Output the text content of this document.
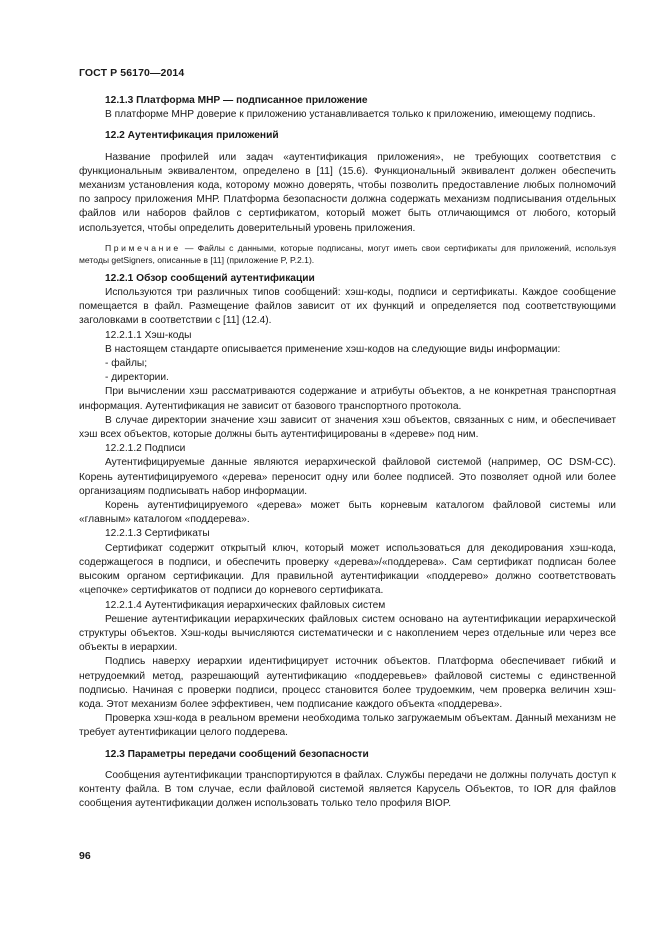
ГОСТ Р 56170—2014
12.1.3 Платформа МНР — подписанное приложение

В платформе МНР доверие к приложению устанавливается только к приложению, имеющему подпись.

12.2 Аутентификация приложений

Название профилей или задач «аутентификация приложения», не требующих соответствия с функциональным эквивалентом, определено в [11] (15.6). Функциональный эквивалент должен обеспечить механизм установления кода, которому можно доверять, чтобы позволить предоставление любых полномочий по запросу приложения МНР. Платформа безопасности должна содержать механизм подписывания отдельных файлов или наборов файлов с сертификатом, который может быть отличающимся от любого, который используется, чтобы определить доверительный уровень приложения.

Примечание — Файлы с данными, которые подписаны, могут иметь свои сертификаты для приложений, используя методы getSigners, описанные в [11] (приложение P, P.2.1).
12.2.1 Обзор сообщений аутентификации

Используются три различных типов сообщений: хэш-коды, подписи и сертификаты. Каждое сообщение помещается в файл. Размещение файлов зависит от их функций и определяется под соответствующими заголовками в соответствии с [11] (12.4).

12.2.1.1 Хэш-коды

В настоящем стандарте описывается применение хэш-кодов на следующие виды информации:

- файлы;

- директории.

При вычислении хэш рассматриваются содержание и атрибуты объектов, а не конкретная транспортная информация. Аутентификация не зависит от базового транспортного протокола.

В случае директории значение хэш зависит от значения хэш объектов, связанных с ним, и обеспечивает хэш всех объектов, которые должны быть аутентифицированы в «дереве» под ним.

12.2.1.2 Подписи

Аутентифицируемые данные являются иерархической файловой системой (например, ОС DSM-CC). Корень аутентифицируемого «дерева» переносит одну или более подписей. Это позволяет одной или более организациям подписывать набор информации.

Корень аутентифицируемого «дерева» может быть корневым каталогом файловой системы или «главным» каталогом «поддерева».

12.2.1.3 Сертификаты

Сертификат содержит открытый ключ, который может использоваться для декодирования хэш-кода, содержащегося в подписи, и обеспечить проверку «дерева»/«поддерева». Сам сертификат подписан более высоким органом сертификации. Для правильной аутентификации «поддерево» должно соответствовать «цепочке» сертификатов от подписи до корневого сертификата.

12.2.1.4 Аутентификация иерархических файловых систем

Решение аутентификации иерархических файловых систем основано на аутентификации иерархической структуры объектов. Хэш-коды вычисляются систематически и с накоплением через отдельные или через все объекты в иерархии.

Подпись наверху иерархии идентифицирует источник объектов. Платформа обеспечивает гибкий и нетрудоемкий метод, разрешающий аутентификацию «поддеревьев» файловой системы с единственной подписью. Начиная с проверки подписи, процесс становится более трудоемким, чем проверка величин хэш-кода. Этот механизм более эффективен, чем подписание каждого объекта «поддерева».

Проверка хэш-кода в реальном времени необходима только загружаемым объектам. Данный механизм не требует аутентификации целого поддерева.

12.3 Параметры передачи сообщений безопасности

Сообщения аутентификации транспортируются в файлах. Службы передачи не должны получать доступ к контенту файла. В том случае, если файловой системой является Карусель Объектов, то IOR для файлов сообщения аутентификации должен использовать только тело профиля BIOP.

96
